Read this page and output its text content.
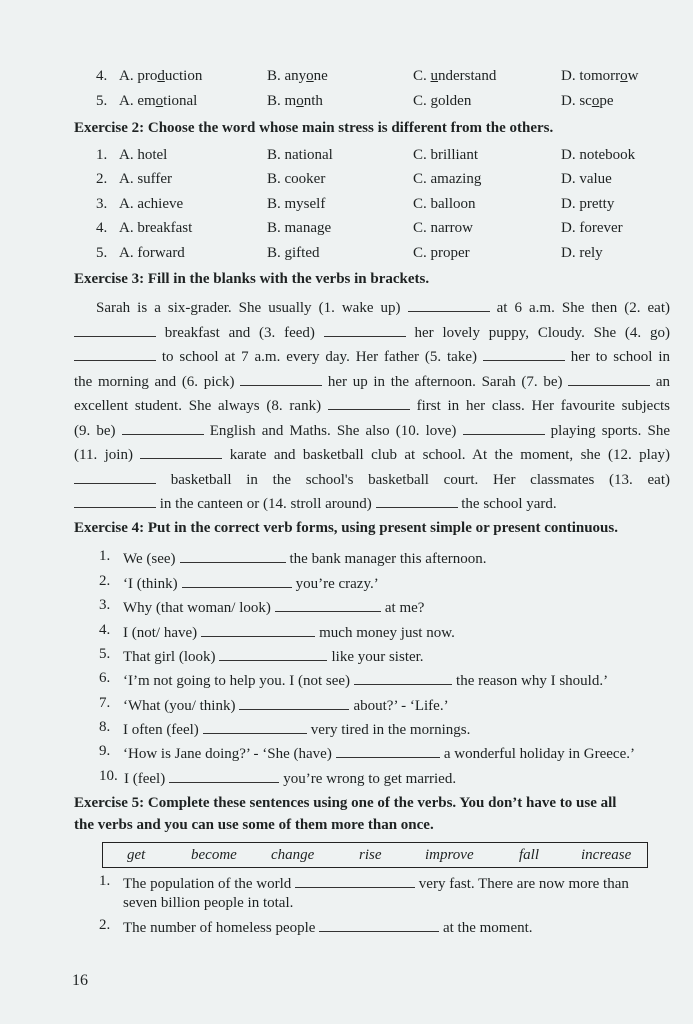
4. A. production	B. anyone	C. understand	D. tomorrow
5. A. emotional	B. month	C. golden	D. scope
Exercise 2: Choose the word whose main stress is different from the others.
1. A. hotel	B. national	C. brilliant	D. notebook
2. A. suffer	B. cooker	C. amazing	D. value
3. A. achieve	B. myself	C. balloon	D. pretty
4. A. breakfast	B. manage	C. narrow	D. forever
5. A. forward	B. gifted	C. proper	D. rely
Exercise 3: Fill in the blanks with the verbs in brackets.
Sarah is a six-grader. She usually (1. wake up)	at 6 a.m. She then (2. eat)
breakfast and (3. feed)	her lovely puppy, Cloudy. She (4. go)
to school at 7 a.m. every day. Her father (5. take)	her to school in
the morning and (6. pick)	her up in the afternoon. Sarah (7. be)	an
excellent student. She always (8. rank)	first in her class. Her favourite subjects
(9. be)	English and Maths. She also (10. love)	playing sports. She
(11. join)	karate and basketball club at school. At the moment, she (12. play)
basketball in the school's basketball court. Her classmates (13. eat)
in the canteen or (14. stroll around)	the school yard.
Exercise 4: Put in the correct verb forms, using present simple or present continuous.
1. We (see)	the bank manager this afternoon.
2. ‘I (think)	you’re crazy.’
3. Why (that woman/ look)	at me?
4. I (not/ have)	much money just now.
5. That girl (look)	like your sister.
6. ‘I’m not going to help you. I (not see)	the reason why I should.’
7. ‘What (you/ think)	about?’ - ‘Life.’
8. I often (feel)	very tired in the mornings.
9. ‘How is Jane doing?’ - ‘She (have)	a wonderful holiday in Greece.’
10. I (feel)	you’re wrong to get married.
Exercise 5: Complete these sentences using one of the verbs. You don’t have to use all
the verbs and you can use some of them more than once.
get	become change	rise	improve	fall	increase
1. The population of the world	very fast. There are now more than
seven billion people in total.
2. The number of homeless people	at the moment.
16
